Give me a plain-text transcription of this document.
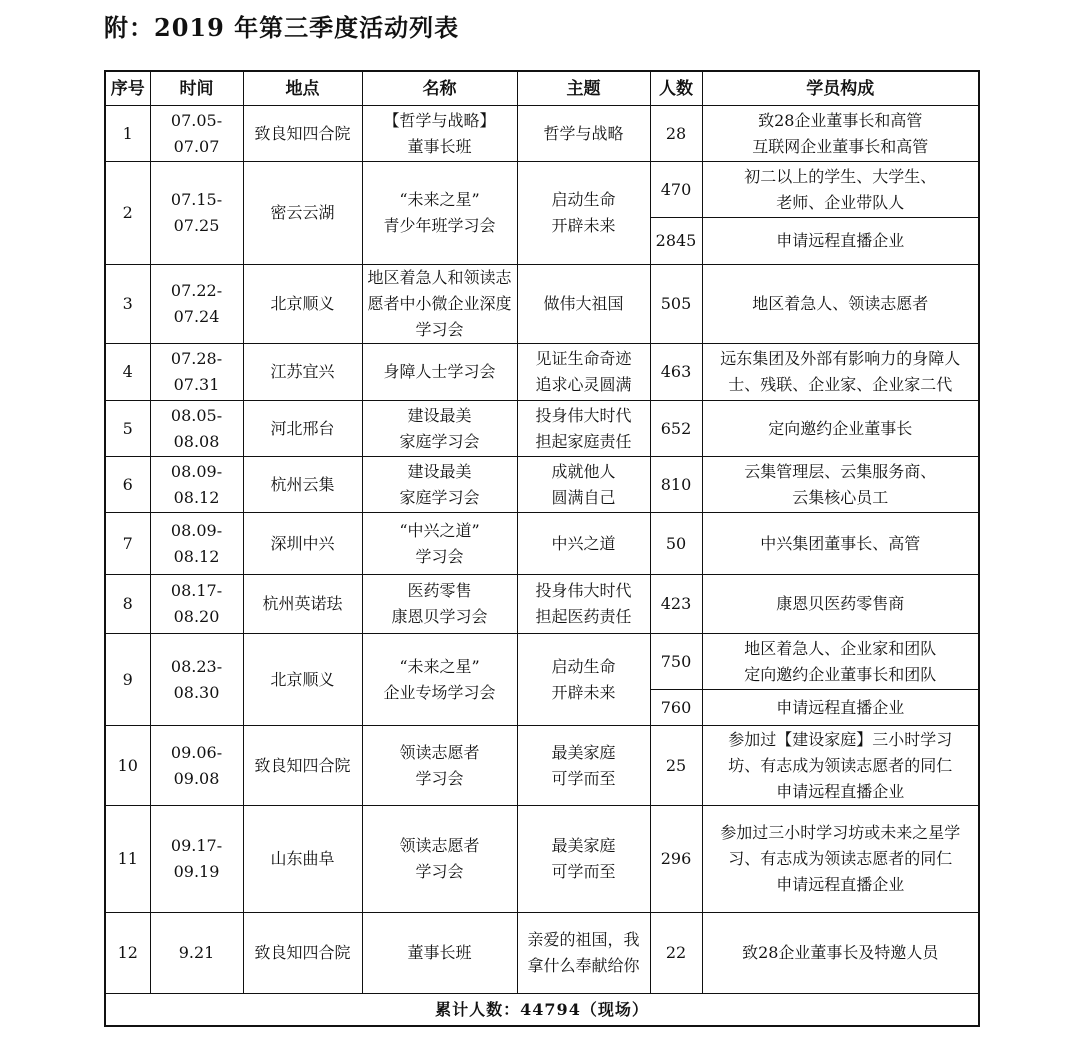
附：2019 年第三季度活动列表
序号	时间	地点	名称	主题	人数	学员构成
1	07.05-07.07	致良知四合院	【哲学与战略】
董事长班	哲学与战略	28	致28企业董事长和高管
互联网企业董事长和高管
2	07.15-07.25	密云云湖	“未来之星”
青少年班学习会	启动生命
开辟未来	470	初二以上的学生、大学生、
老师、企业带队人
					2845	申请远程直播企业
3	07.22-07.24	北京顺义	地区着急人和领读志
愿者中小微企业深度
学习会	做伟大祖国	505	地区着急人、领读志愿者
4	07.28-07.31	江苏宜兴	身障人士学习会	见证生命奇迹
追求心灵圆满	463	远东集团及外部有影响力的身障人
士、残联、企业家、企业家二代
5	08.05-08.08	河北邢台	建设最美
家庭学习会	投身伟大时代
担起家庭责任	652	定向邀约企业董事长
6	08.09-08.12	杭州云集	建设最美
家庭学习会	成就他人
圆满自己	810	云集管理层、云集服务商、
云集核心员工
7	08.09-08.12	深圳中兴	“中兴之道”
学习会	中兴之道	50	中兴集团董事长、高管
8	08.17-08.20	杭州英诺珐	医药零售
康恩贝学习会	投身伟大时代
担起医药责任	423	康恩贝医药零售商
9	08.23-08.30	北京顺义	“未来之星”
企业专场学习会	启动生命
开辟未来	750	地区着急人、企业家和团队
定向邀约企业董事长和团队
					760	申请远程直播企业
10	09.06-09.08	致良知四合院	领读志愿者
学习会	最美家庭
可学而至	25	参加过【建设家庭】三小时学习
坊、有志成为领读志愿者的同仁
申请远程直播企业
11	09.17-09.19	山东曲阜	领读志愿者
学习会	最美家庭
可学而至	296	参加过三小时学习坊或未来之星学
习、有志成为领读志愿者的同仁
申请远程直播企业
12	9.21	致良知四合院	董事长班	亲爱的祖国，我
拿什么奉献给你	22	致28企业董事长及特邀人员
累计人数：44794（现场）						
